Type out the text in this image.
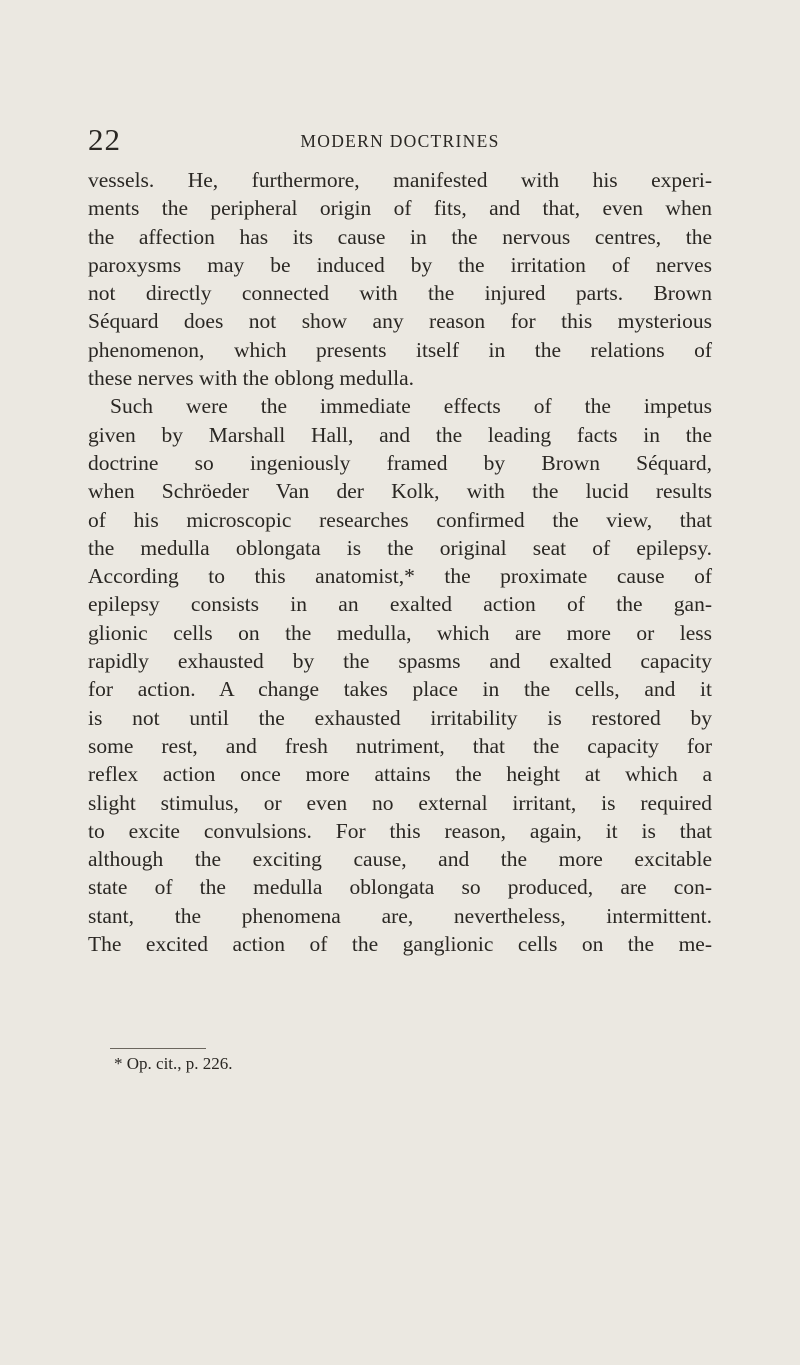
22	MODERN DOCTRINES
vessels. He, furthermore, manifested with his experi-
ments the peripheral origin of fits, and that, even when
the affection has its cause in the nervous centres, the
paroxysms may be induced by the irritation of nerves
not directly connected with the injured parts. Brown
Séquard does not show any reason for this mysterious
phenomenon, which presents itself in the relations of
these nerves with the oblong medulla.
Such were the immediate effects of the impetus
given by Marshall Hall, and the leading facts in the
doctrine so ingeniously framed by Brown Séquard,
when Schröeder Van der Kolk, with the lucid results
of his microscopic researches confirmed the view, that
the medulla oblongata is the original seat of epilepsy.
According to this anatomist,* the proximate cause of
epilepsy consists in an exalted action of the gan-
glionic cells on the medulla, which are more or less
rapidly exhausted by the spasms and exalted capacity
for action. A change takes place in the cells, and it
is not until the exhausted irritability is restored by
some rest, and fresh nutriment, that the capacity for
reflex action once more attains the height at which a
slight stimulus, or even no external irritant, is required
to excite convulsions. For this reason, again, it is that
although the exciting cause, and the more excitable
state of the medulla oblongata so produced, are con-
stant, the phenomena are, nevertheless, intermittent.
The excited action of the ganglionic cells on the me-
* Op. cit., p. 226.
